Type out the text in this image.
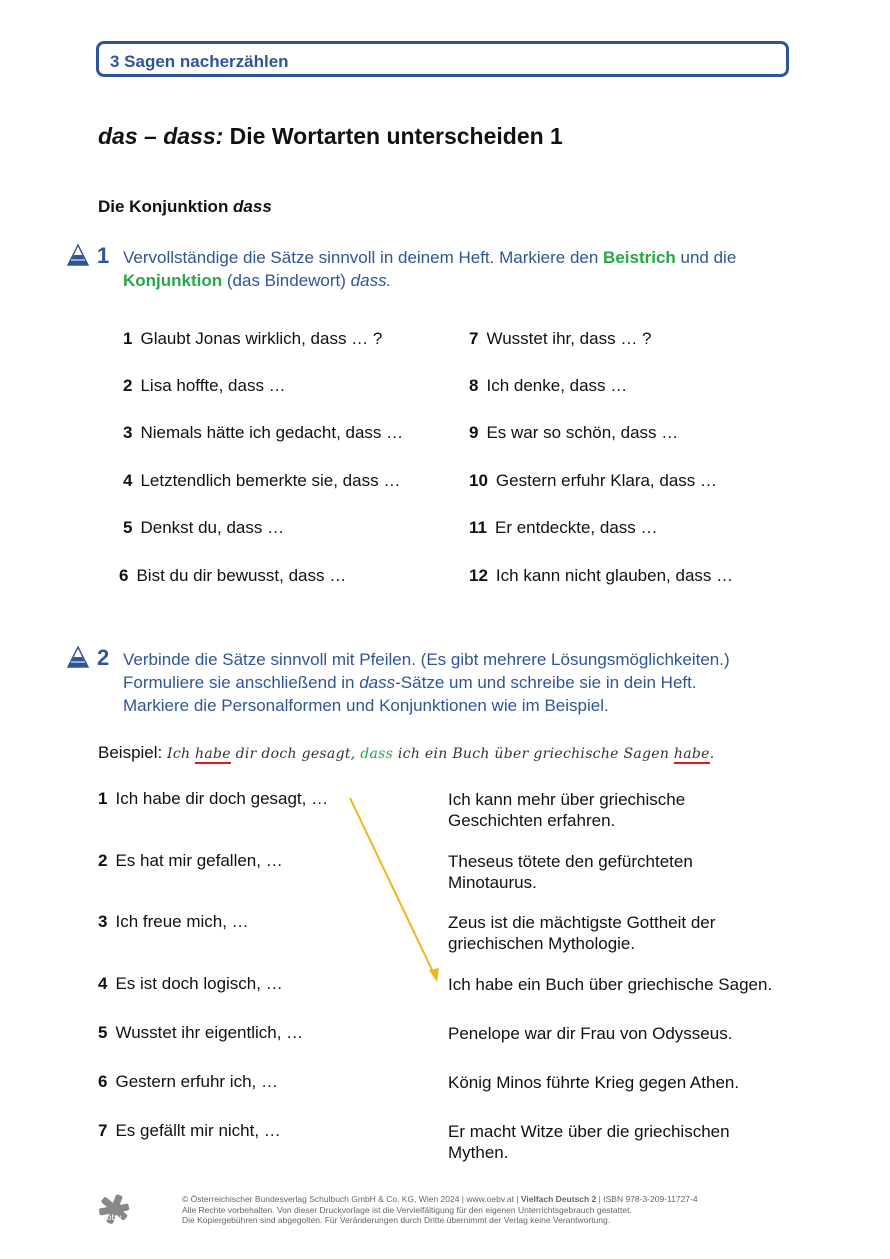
3 Sagen nacherzählen
das – dass: Die Wortarten unterscheiden 1
Die Konjunktion dass
1 Vervollständige die Sätze sinnvoll in deinem Heft. Markiere den Beistrich und die
Konjunktion (das Bindewort) dass.
2 Verbinde die Sätze sinnvoll mit Pfeilen. (Es gibt mehrere Lösungsmöglichkeiten.)
Formuliere sie anschließend in dass-Sätze um und schreibe sie in dein Heft.
Markiere die Personalformen und Konjunktionen wie im Beispiel.
Beispiel: Ich habe dir doch gesagt, dass ich ein Buch über griechische Sagen habe.
öbv
© Österreichischer Bundesverlag Schulbuch GmbH & Co. KG, Wien 2024 | www.oebv.at | Vielfach Deutsch 2 | ISBN 978-3-209-11727-4
Alle Rechte vorbehalten. Von dieser Druckvorlage ist die Vervielfältigung für den eigenen Unterrichtsgebrauch gestattet.
Die Kopiergebühren sind abgegolten. Für Veränderungen durch Dritte übernimmt der Verlag keine Verantwortung.
1 Glaubt Jonas wirklich, dass … ?
2 Lisa hoffte, dass …
3 Niemals hätte ich gedacht, dass …
4 Letztendlich bemerkte sie, dass …
5 Denkst du, dass …
6 Bist du dir bewusst, dass …
7 Wusstet ihr, dass … ?
8 Ich denke, dass …
9 Es war so schön, dass …
10 Gestern erfuhr Klara, dass …
11 Er entdeckte, dass …
12 Ich kann nicht glauben, dass …
1 Ich habe dir doch gesagt, …
2 Es hat mir gefallen, …
3 Ich freue mich, …
4 Es ist doch logisch, …
5 Wusstet ihr eigentlich, …
6 Gestern erfuhr ich, …
7 Es gefällt mir nicht, …
Ich kann mehr über griechische
Geschichten erfahren.
Theseus tötete den gefürchteten
Minotaurus.
Zeus ist die mächtigste Gottheit der
griechischen Mythologie.
Ich habe ein Buch über griechische Sagen.
Penelope war dir Frau von Odysseus.
König Minos führte Krieg gegen Athen.
Er macht Witze über die griechischen
Mythen.
